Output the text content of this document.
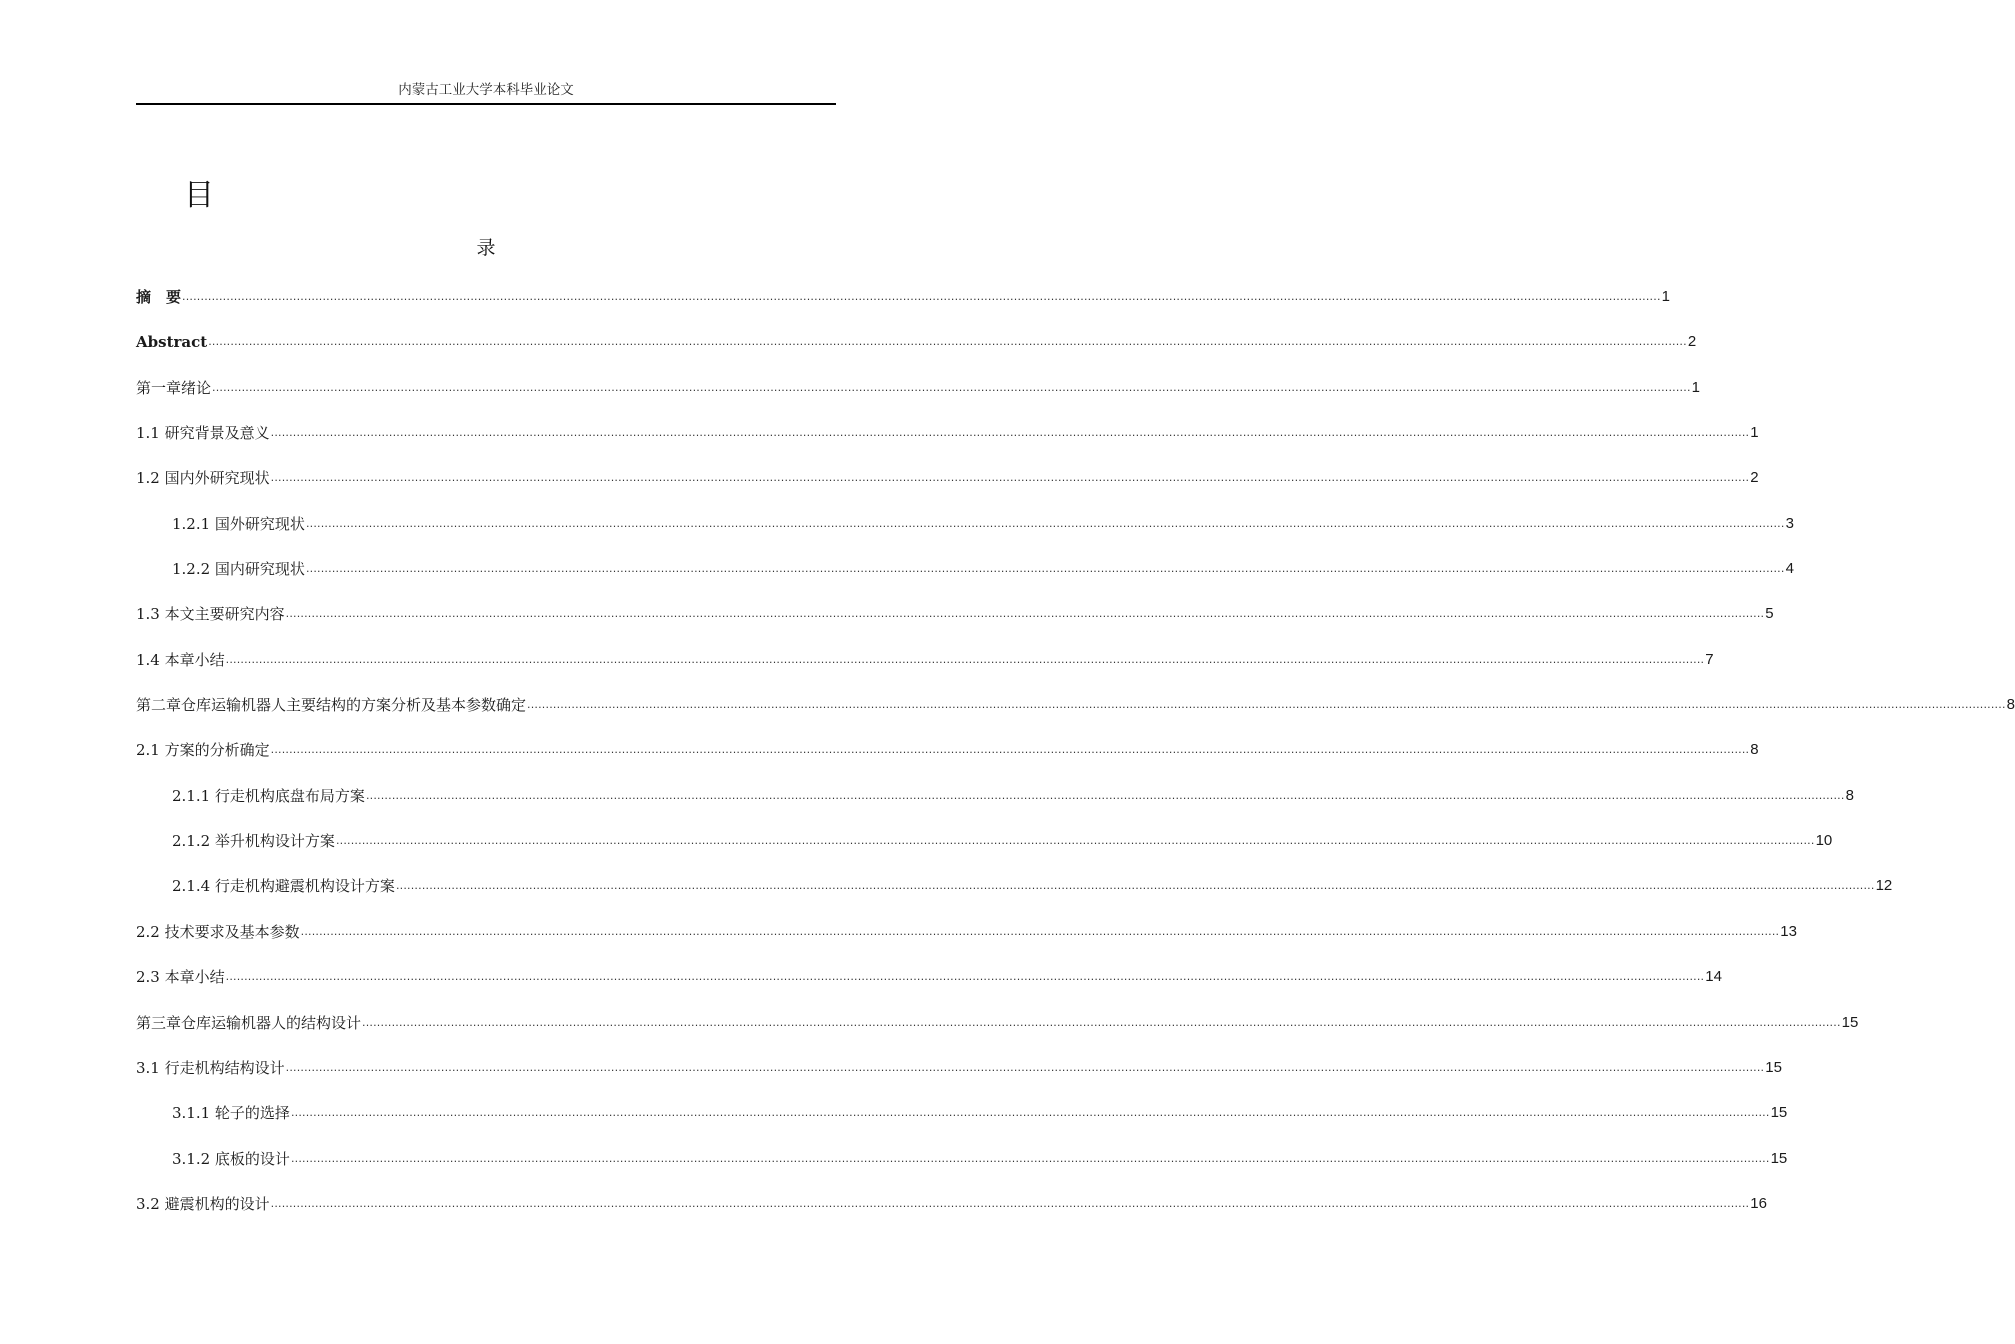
内蒙古工业大学本科毕业论文
目
录
摘　要 ................................................................................................................................................................................................................................................................................................................................................................................................................ 1
Abstract ................................................................................................................................................................................................................................................................................................................................................................................................................ 2
第一章绪论 ................................................................................................................................................................................................................................................................................................................................................................................................................ 1
1.1 研究背景及意义 ................................................................................................................................................................................................................................................................................................................................................................................................................ 1
1.2 国内外研究现状 ................................................................................................................................................................................................................................................................................................................................................................................................................ 2
1.2.1 国外研究现状 ................................................................................................................................................................................................................................................................................................................................................................................................................ 3
1.2.2 国内研究现状 ................................................................................................................................................................................................................................................................................................................................................................................................................ 4
1.3 本文主要研究内容 ................................................................................................................................................................................................................................................................................................................................................................................................................ 5
1.4 本章小结 ................................................................................................................................................................................................................................................................................................................................................................................................................ 7
第二章仓库运输机器人主要结构的方案分析及基本参数确定 ................................................................................................................................................................................................................................................................................................................................................................................................................ 8
2.1 方案的分析确定 ................................................................................................................................................................................................................................................................................................................................................................................................................ 8
2.1.1 行走机构底盘布局方案 ................................................................................................................................................................................................................................................................................................................................................................................................................ 8
2.1.2 举升机构设计方案 ................................................................................................................................................................................................................................................................................................................................................................................................................ 10
2.1.4 行走机构避震机构设计方案 ................................................................................................................................................................................................................................................................................................................................................................................................................ 12
2.2 技术要求及基本参数 ................................................................................................................................................................................................................................................................................................................................................................................................................ 13
2.3 本章小结 ................................................................................................................................................................................................................................................................................................................................................................................................................ 14
第三章仓库运输机器人的结构设计 ................................................................................................................................................................................................................................................................................................................................................................................................................ 15
3.1 行走机构结构设计 ................................................................................................................................................................................................................................................................................................................................................................................................................ 15
3.1.1 轮子的选择 ................................................................................................................................................................................................................................................................................................................................................................................................................ 15
3.1.2 底板的设计 ................................................................................................................................................................................................................................................................................................................................................................................................................ 15
3.2 避震机构的设计 ................................................................................................................................................................................................................................................................................................................................................................................................................ 16
